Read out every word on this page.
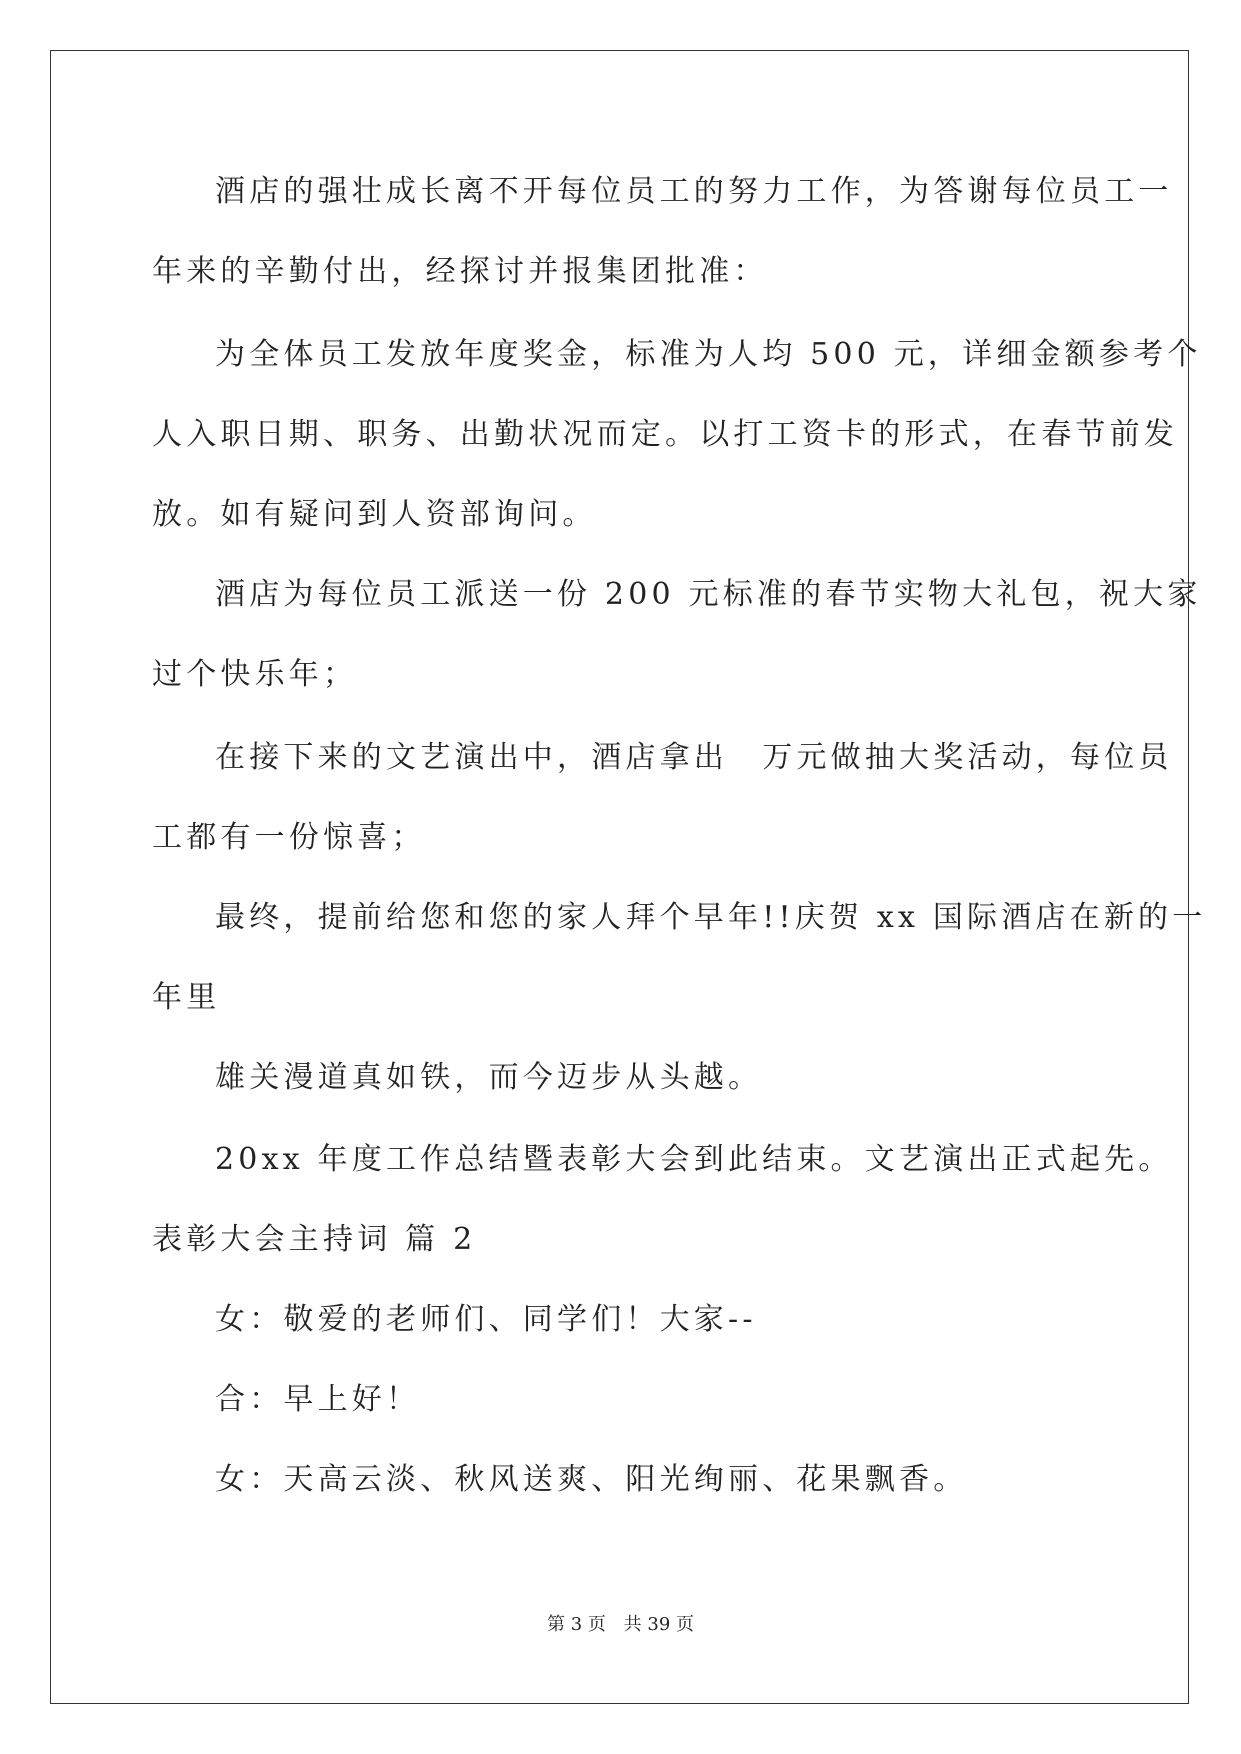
酒店的强壮成长离不开每位员工的努力工作，为答谢每位员工一
年来的辛勤付出，经探讨并报集团批准：
为全体员工发放年度奖金，标准为人均 500 元，详细金额参考个
人入职日期、职务、出勤状况而定。以打工资卡的形式，在春节前发
放。如有疑问到人资部询问。
酒店为每位员工派送一份 200 元标准的春节实物大礼包，祝大家
过个快乐年；
在接下来的文艺演出中，酒店拿出　万元做抽大奖活动，每位员
工都有一份惊喜；
最终，提前给您和您的家人拜个早年!!庆贺 xx 国际酒店在新的一
年里
雄关漫道真如铁，而今迈步从头越。
20xx 年度工作总结暨表彰大会到此结束。文艺演出正式起先。
表彰大会主持词 篇 2
女：敬爱的老师们、同学们！大家--
合：早上好！
女：天高云淡、秋风送爽、阳光绚丽、花果飘香。
第 3 页 共 39 页
